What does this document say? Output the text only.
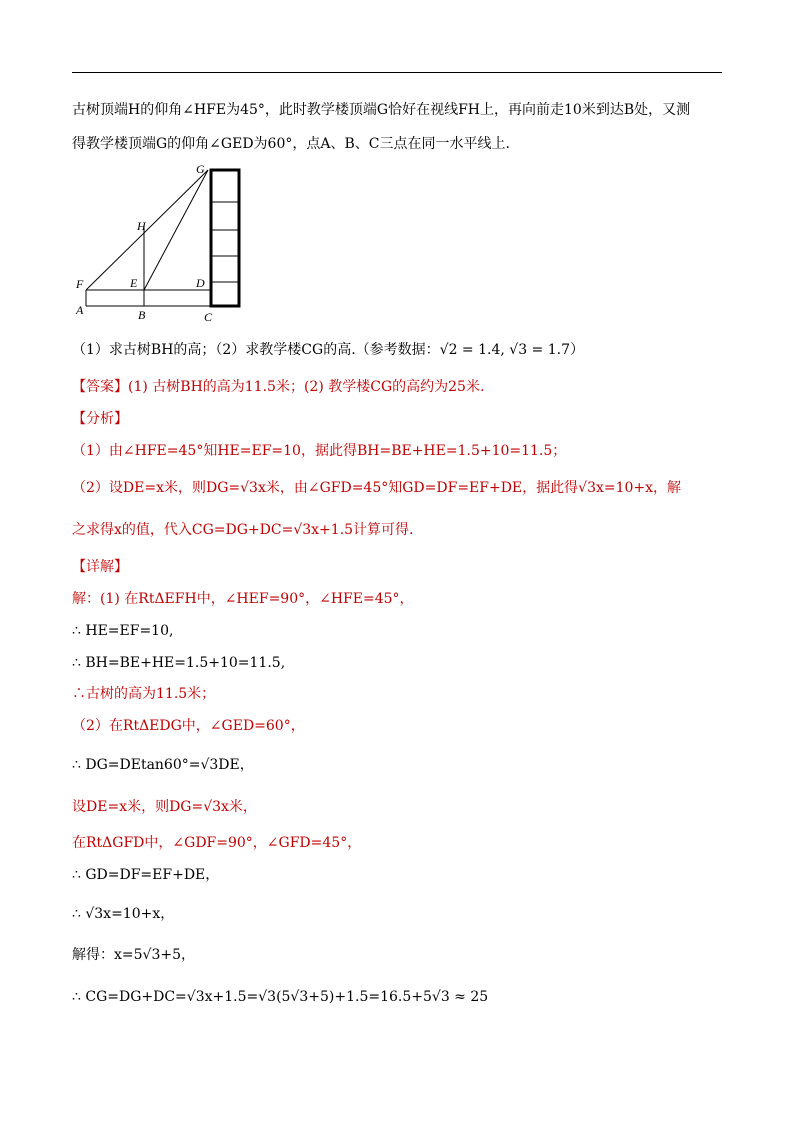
古树顶端H的仰角∠HFE为45°，此时教学楼顶端G恰好在视线FH上，再向前走10米到达B处，又测
得教学楼顶端G的仰角∠GED为60°，点A、B、C三点在同一水平线上.
G
H
F	E	D
A	B	C
（1）求古树BH的高；（2）求教学楼CG的高.（参考数据：√2 = 1.4, √3 = 1.7）
【答案】(1) 古树BH的高为11.5米；(2) 教学楼CG的高约为25米.
【分析】
（1）由∠HFE=45°知HE=EF=10，据此得BH=BE+HE=1.5+10=11.5；
（2）设DE=x米，则DG=√3x米，由∠GFD=45°知GD=DF=EF+DE，据此得√3x=10+x，解
之求得x的值，代入CG=DG+DC=√3x+1.5计算可得.
【详解】
解：(1) 在RtΔEFH中，∠HEF=90°，∠HFE=45°，
∴ HE=EF=10,
∴ BH=BE+HE=1.5+10=11.5,
∴古树的高为11.5米；
（2）在RtΔEDG中，∠GED=60°，
∴ DG=DEtan60°=√3DE，
设DE=x米，则DG=√3x米，
在RtΔGFD中，∠GDF=90°，∠GFD=45°，
∴ GD=DF=EF+DE，
∴ √3x=10+x，
解得：x=5√3+5，
∴ CG=DG+DC=√3x+1.5=√3(5√3+5)+1.5=16.5+5√3 ≈ 25
